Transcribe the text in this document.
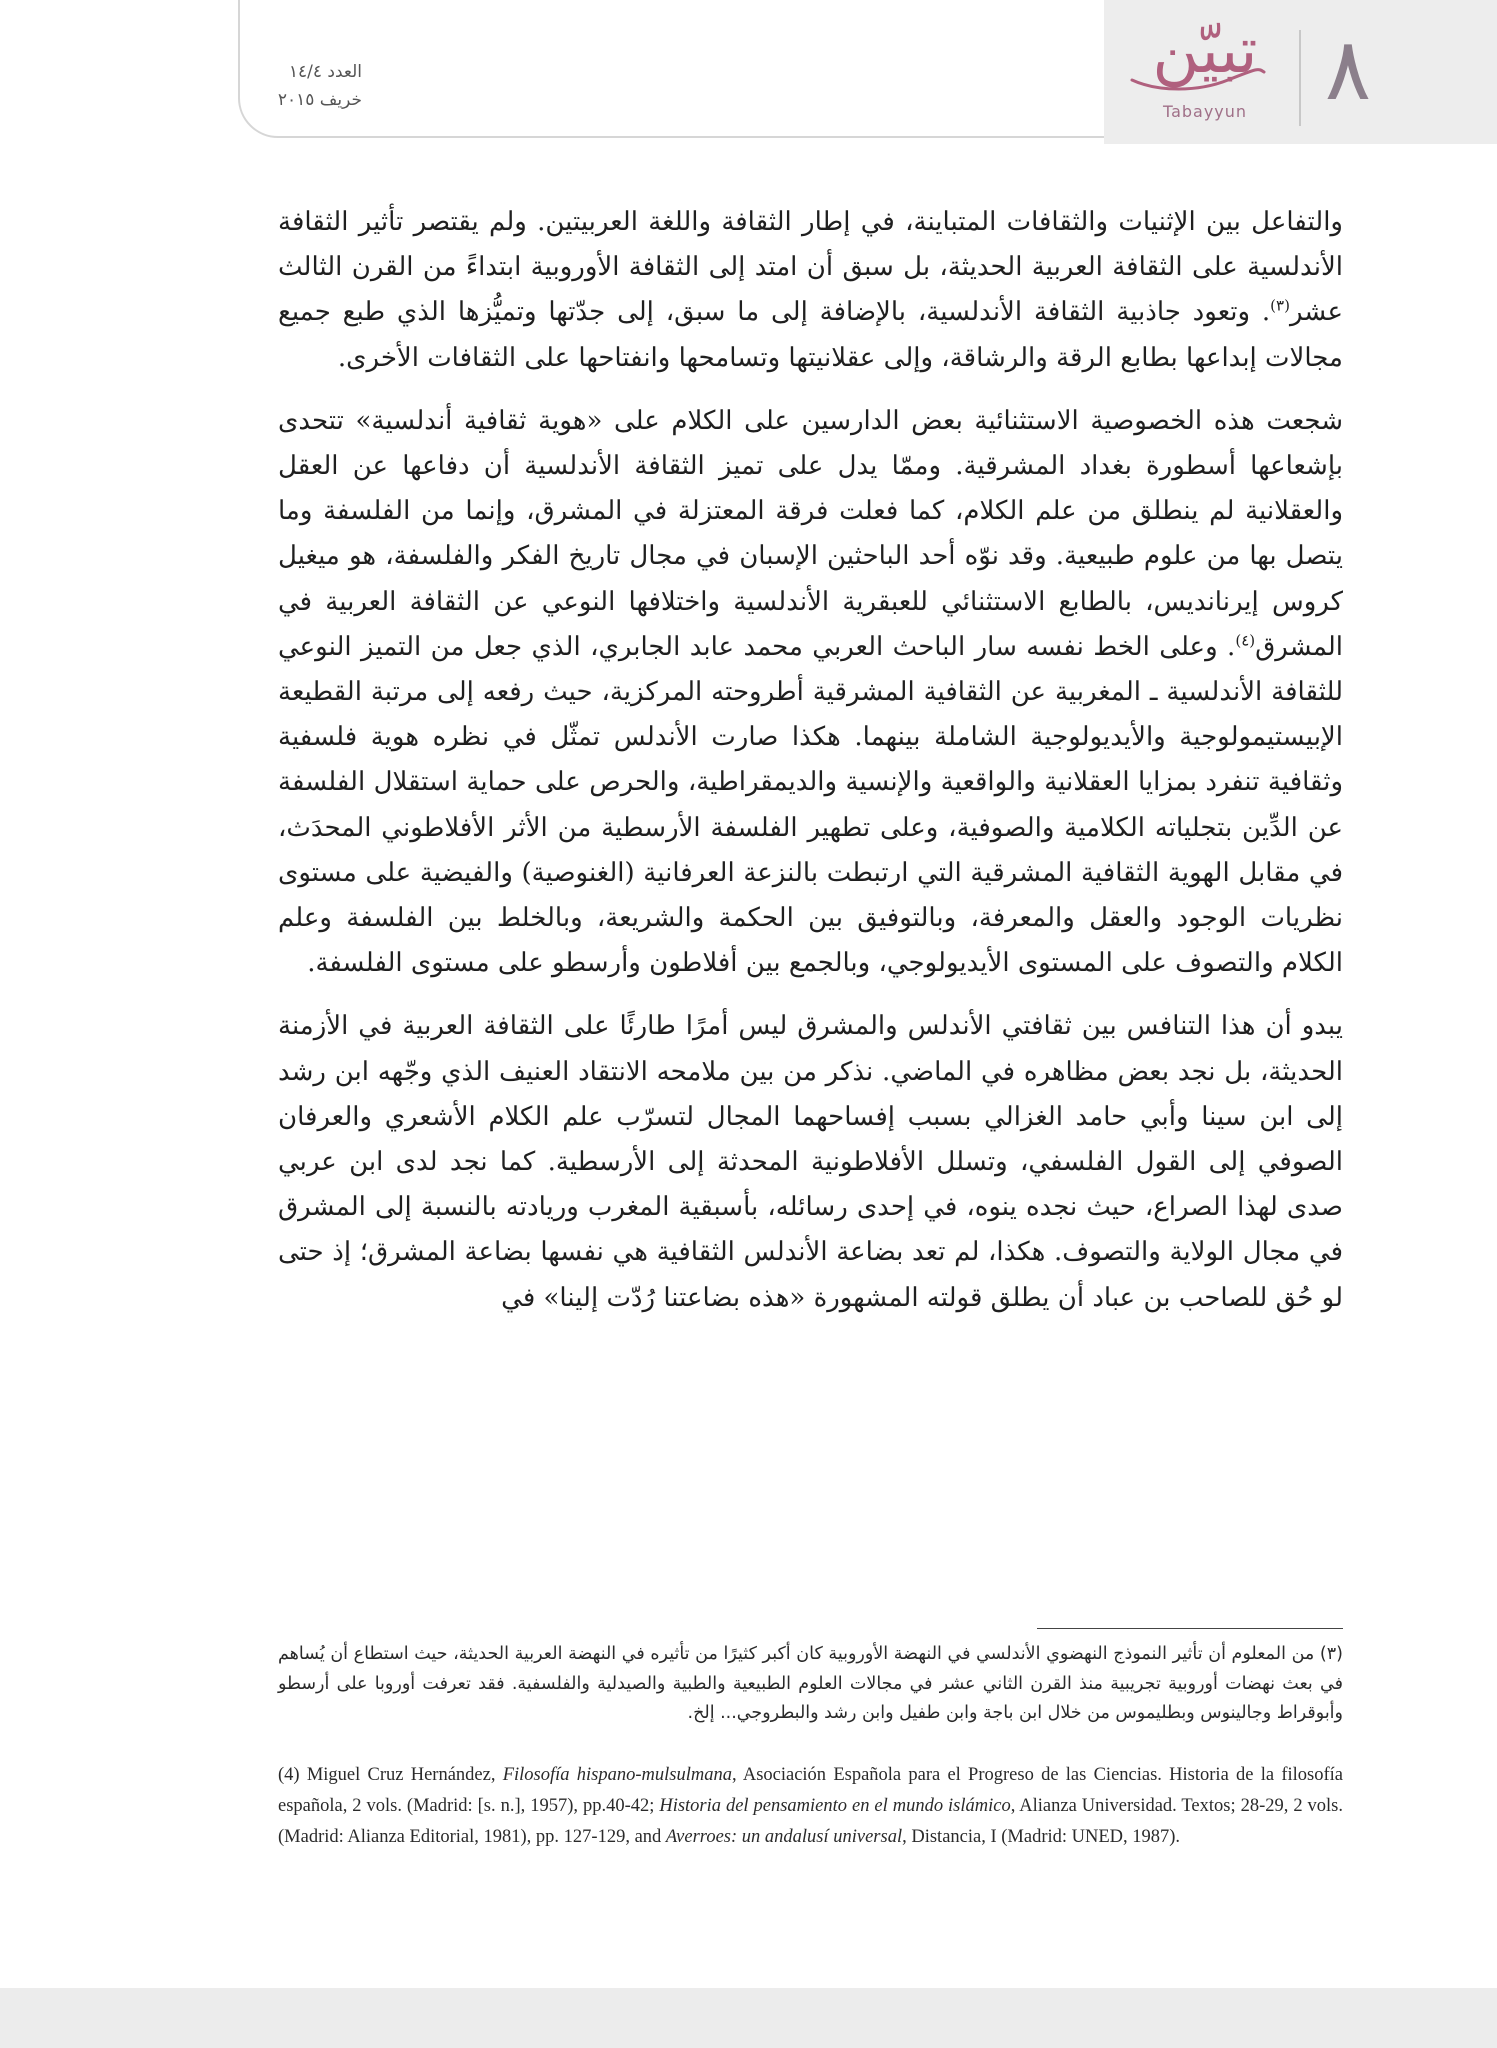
٨
تبيّن
Tabayyun
العدد ١٤/٤
خريف ٢٠١٥

والتفاعل بين الإثنيات والثقافات المتباينة، في إطار الثقافة واللغة العربيتين. ولم يقتصر تأثير الثقافة الأندلسية على الثقافة العربية الحديثة، بل سبق أن امتد إلى الثقافة الأوروبية ابتداءً من القرن الثالث عشر$^{(٣)}$. وتعود جاذبية الثقافة الأندلسية، بالإضافة إلى ما سبق، إلى جدّتها وتميُّزها الذي طبع جميع مجالات إبداعها بطابع الرقة والرشاقة، وإلى عقلانيتها وتسامحها وانفتاحها على الثقافات الأخرى.

شجعت هذه الخصوصية الاستثنائية بعض الدارسين على الكلام على «هوية ثقافية أندلسية» تتحدى بإشعاعها أسطورة بغداد المشرقية. وممّا يدل على تميز الثقافة الأندلسية أن دفاعها عن العقل والعقلانية لم ينطلق من علم الكلام، كما فعلت فرقة المعتزلة في المشرق، وإنما من الفلسفة وما يتصل بها من علوم طبيعية. وقد نوّه أحد الباحثين الإسبان في مجال تاريخ الفكر والفلسفة، هو ميغيل كروس إيرنانديس، بالطابع الاستثنائي للعبقرية الأندلسية واختلافها النوعي عن الثقافة العربية في المشرق$^{(٤)}$. وعلى الخط نفسه سار الباحث العربي محمد عابد الجابري، الذي جعل من التميز النوعي للثقافة الأندلسية ـ المغربية عن الثقافية المشرقية أطروحته المركزية، حيث رفعه إلى مرتبة القطيعة الإبيستيمولوجية والأيديولوجية الشاملة بينهما. هكذا صارت الأندلس تمثّل في نظره هوية فلسفية وثقافية تنفرد بمزايا العقلانية والواقعية والإنسية والديمقراطية، والحرص على حماية استقلال الفلسفة عن الدِّين بتجلياته الكلامية والصوفية، وعلى تطهير الفلسفة الأرسطية من الأثر الأفلاطوني المحدَث، في مقابل الهوية الثقافية المشرقية التي ارتبطت بالنزعة العرفانية (الغنوصية) والفيضية على مستوى نظريات الوجود والعقل والمعرفة، وبالتوفيق بين الحكمة والشريعة، وبالخلط بين الفلسفة وعلم الكلام والتصوف على المستوى الأيديولوجي، وبالجمع بين أفلاطون وأرسطو على مستوى الفلسفة.

يبدو أن هذا التنافس بين ثقافتي الأندلس والمشرق ليس أمرًا طارئًا على الثقافة العربية في الأزمنة الحديثة، بل نجد بعض مظاهره في الماضي. نذكر من بين ملامحه الانتقاد العنيف الذي وجّهه ابن رشد إلى ابن سينا وأبي حامد الغزالي بسبب إفساحهما المجال لتسرّب علم الكلام الأشعري والعرفان الصوفي إلى القول الفلسفي، وتسلل الأفلاطونية المحدثة إلى الأرسطية. كما نجد لدى ابن عربي صدى لهذا الصراع، حيث نجده ينوه، في إحدى رسائله، بأسبقية المغرب وريادته بالنسبة إلى المشرق في مجال الولاية والتصوف. هكذا، لم تعد بضاعة الأندلس الثقافية هي نفسها بضاعة المشرق؛ إذ حتى لو حُق للصاحب بن عباد أن يطلق قولته المشهورة «هذه بضاعتنا رُدّت إلينا» في

(٣) من المعلوم أن تأثير النموذج النهضوي الأندلسي في النهضة الأوروبية كان أكبر كثيرًا من تأثيره في النهضة العربية الحديثة، حيث استطاع أن يُساهم في بعث نهضات أوروبية تجريبية منذ القرن الثاني عشر في مجالات العلوم الطبيعية والطبية والصيدلية والفلسفية. فقد تعرفت أوروبا على أرسطو وأبوقراط وجالينوس وبطليموس من خلال ابن باجة وابن طفيل وابن رشد والبطروجي... إلخ.
(4) Miguel Cruz Hernández, Filosofía hispano-mulsulmana, Asociación Española para el Progreso de las Ciencias. Historia de la filosofía española, 2 vols. (Madrid: [s. n.], 1957), pp.40-42; Historia del pensamiento en el mundo islámico, Alianza Universidad. Textos; 28-29, 2 vols. (Madrid: Alianza Editorial, 1981), pp. 127-129, and Averroes: un andalusí universal, Distancia, I (Madrid: UNED, 1987).
